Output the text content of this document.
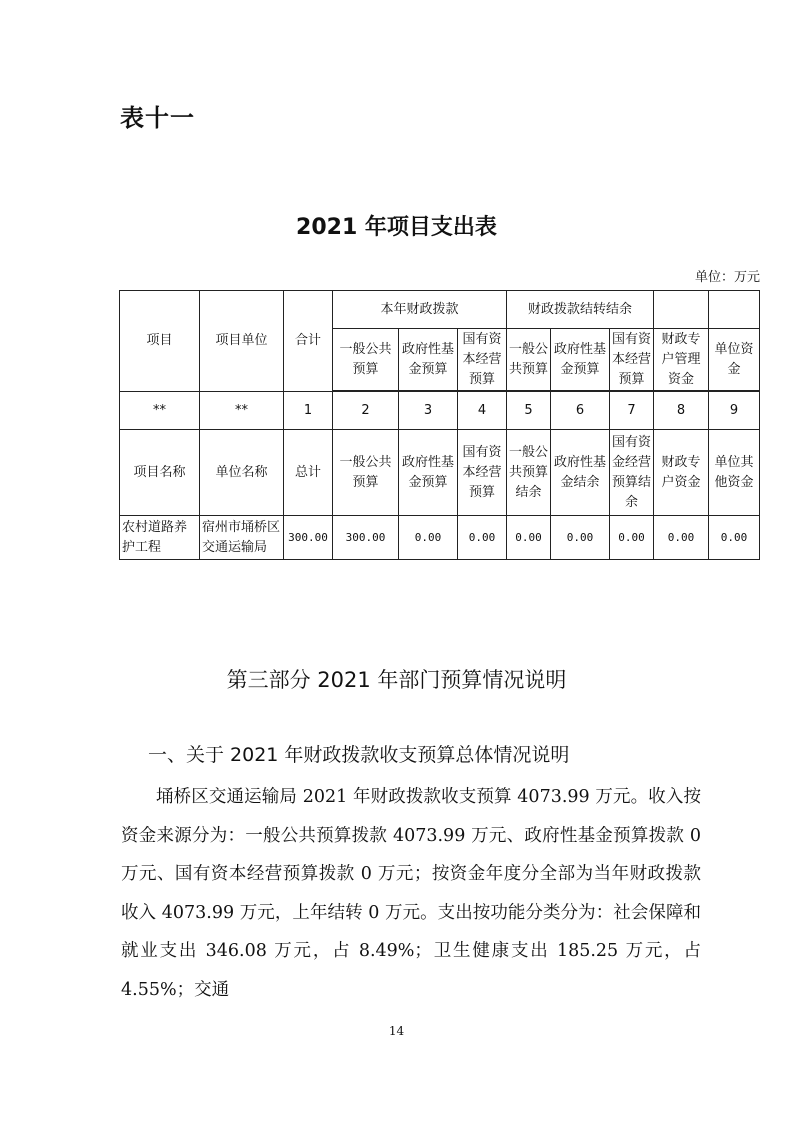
表十一
2021 年项目支出表
单位：万元
项目	项目单位	合计	本年财政拨款			财政拨款结转结余				
			一般公共预算	政府性基金预算	国有资本经营预算	一般公共预算	政府性基金预算	国有资本经营预算	财政专户管理资金	单位资金

**	**	1	2	3	4	5	6	7	8	9
项目名称	单位名称	总计	一般公共预算	政府性基金预算	国有资本经营预算	一般公共预算结余	政府性基金结余	国有资金经营预算结余	财政专户资金	单位其他资金
农村道路养护工程	宿州市埇桥区交通运输局	300.00	300.00	0.00	0.00	0.00	0.00	0.00	0.00	0.00
第三部分 2021 年部门预算情况说明
一、关于 2021 年财政拨款收支预算总体情况说明

埇桥区交通运输局 2021 年财政拨款收支预算 4073.99 万元。收入按资金来源分为：一般公共预算拨款 4073.99 万元、政府性基金预算拨款 0 万元、国有资本经营预算拨款 0 万元；按资金年度分全部为当年财政拨款收入 4073.99 万元，上年结转 0 万元。支出按功能分类分为：社会保障和就业支出 346.08 万元，占 8.49%；卫生健康支出 185.25 万元，占 4.55%；交通

14
